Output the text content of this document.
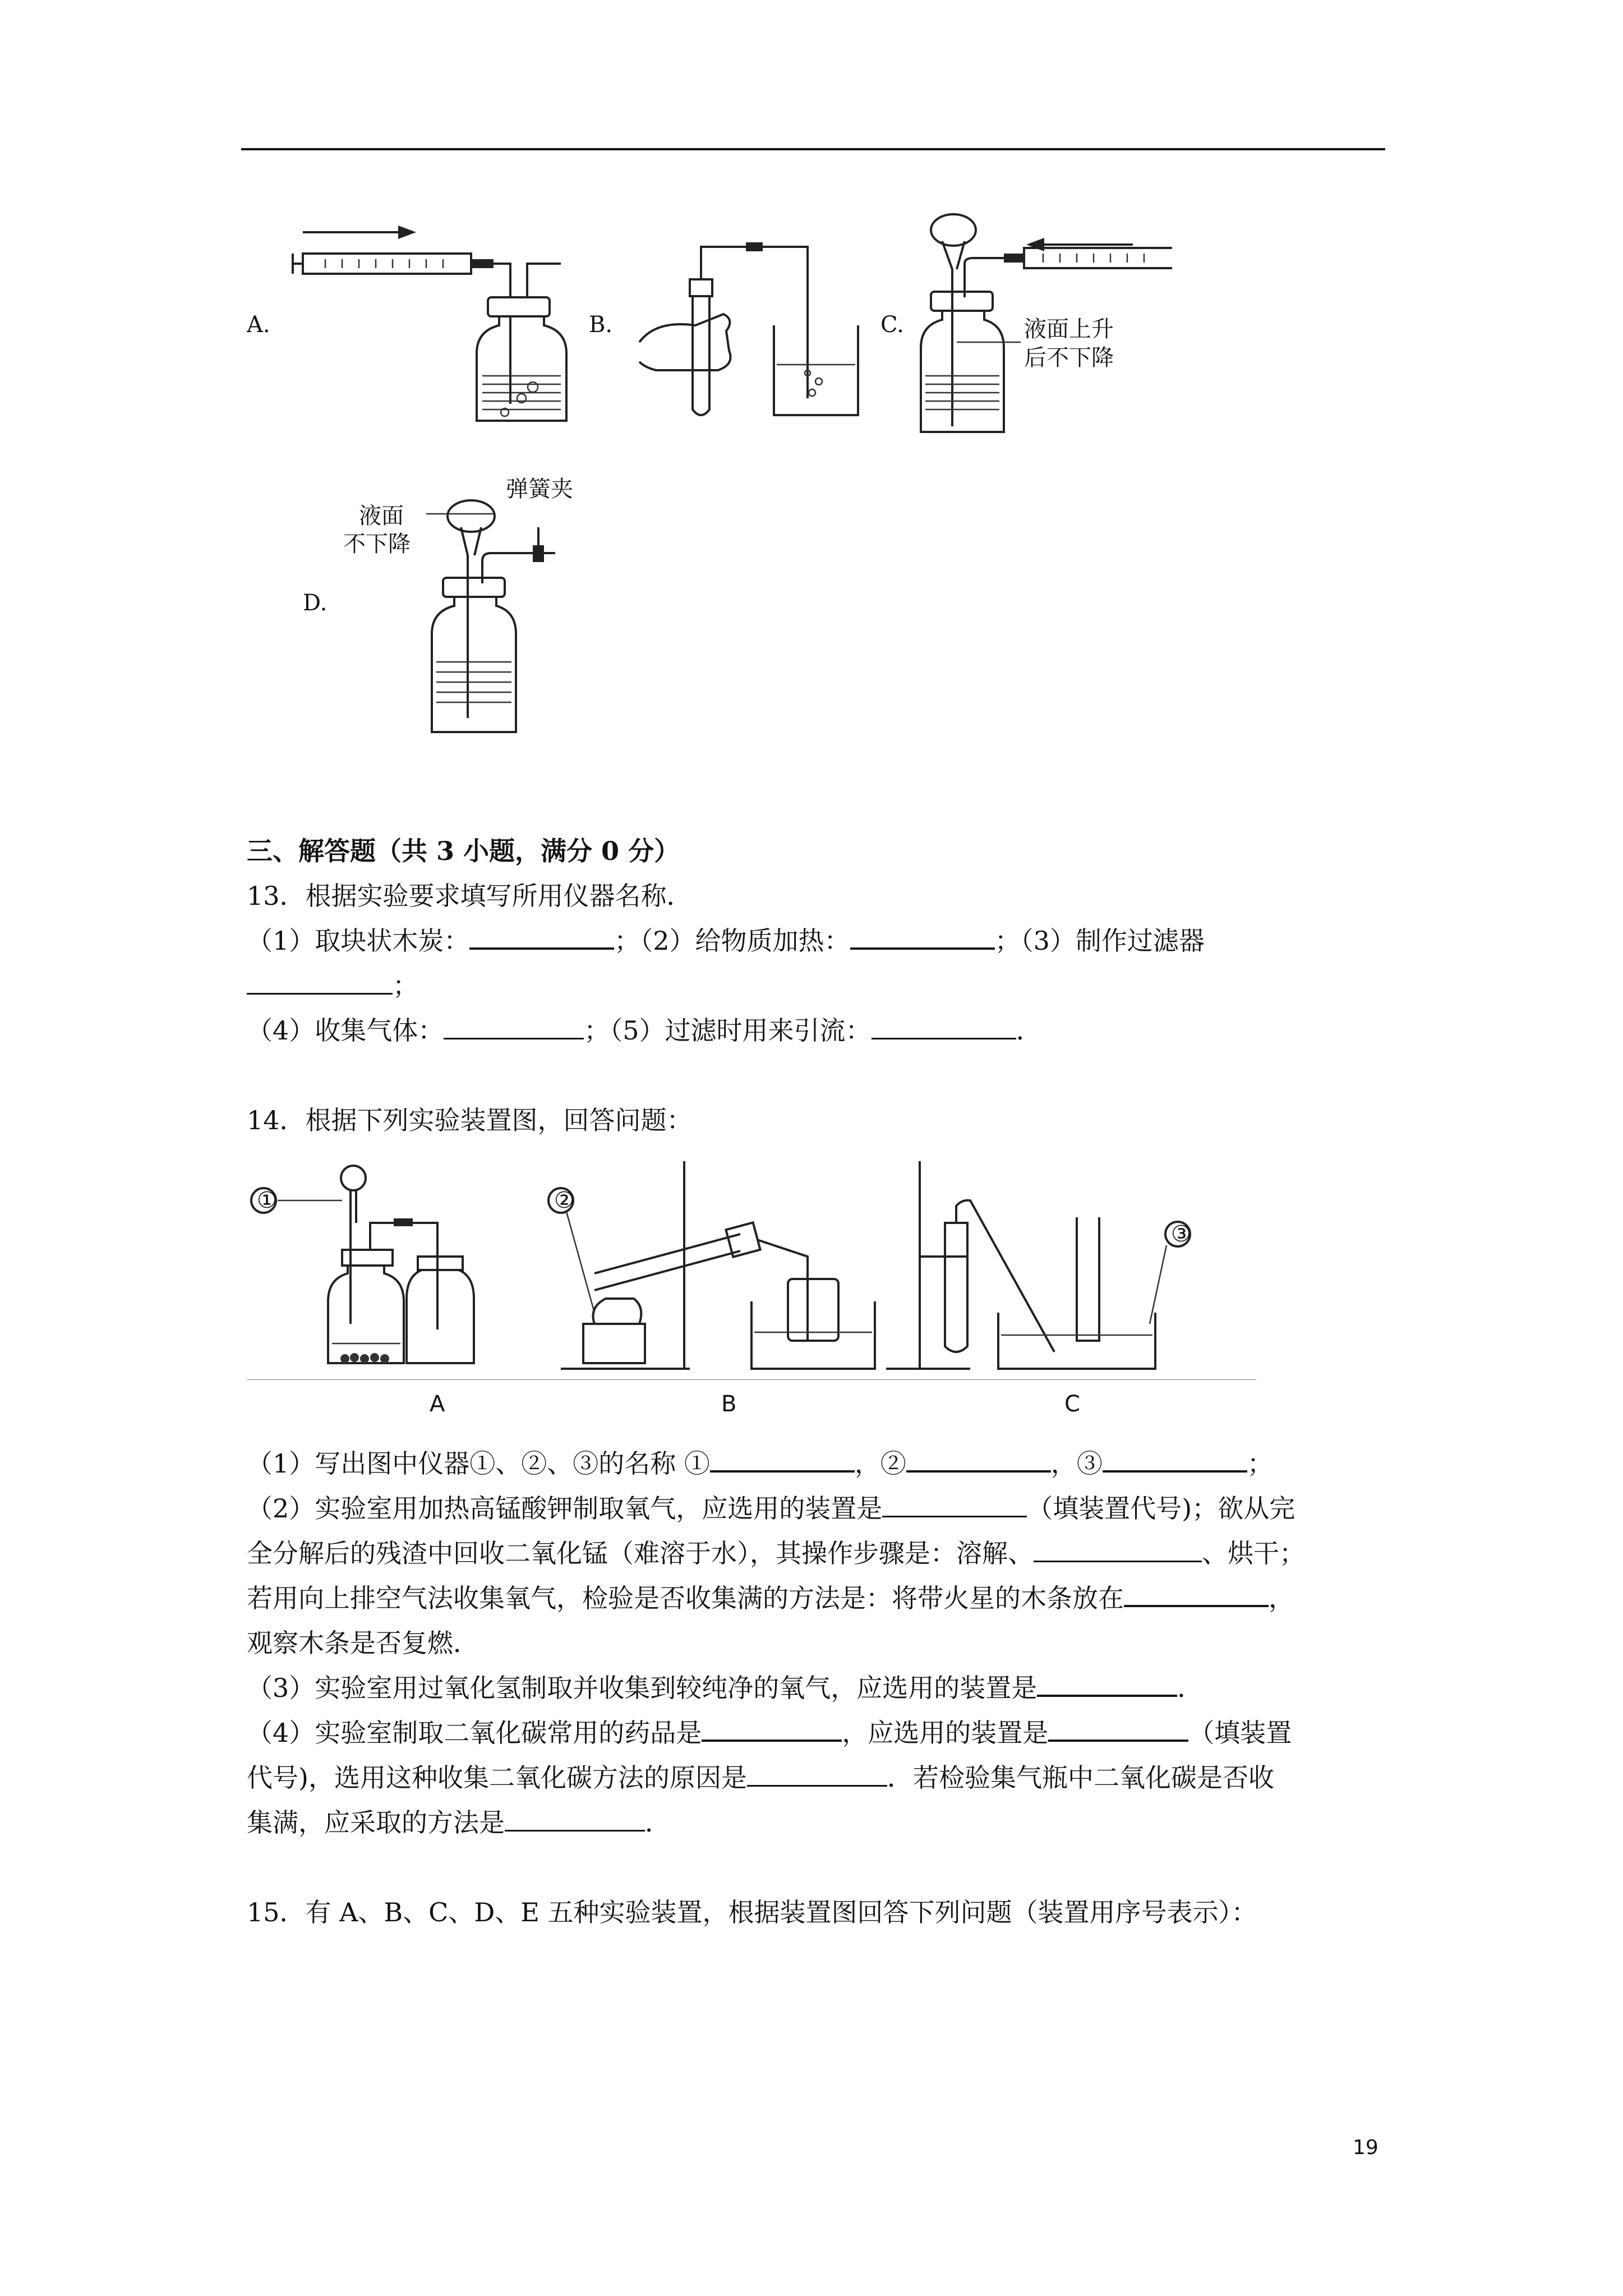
A.	B.	C.	液面上升
后不下降
D.
液面
不下降
弹簧夹
三、解答题（共 3 小题，满分 0 分）
13．根据实验要求填写所用仪器名称．
（1）取块状木炭：	；（2）给物质加热：	；（3）制作过滤器
；
（4）收集气体：	；（5）过滤时用来引流：	．
14．根据下列实验装置图，回答问题：
①	②
③
A	B	C
（1）写出图中仪器①、②、③的名称 ①	，②	，③	；
（2）实验室用加热高锰酸钾制取氧气，应选用的装置是	（填装置代号)；欲从完
全分解后的残渣中回收二氧化锰（难溶于水），其操作步骤是：溶解、	、烘干；
若用向上排空气法收集氧气，检验是否收集满的方法是：将带火星的木条放在	，
观察木条是否复燃．
（3）实验室用过氧化氢制取并收集到较纯净的氧气，应选用的装置是	．
（4）实验室制取二氧化碳常用的药品是	，应选用的装置是	（填装置
代号)，选用这种收集二氧化碳方法的原因是	．若检验集气瓶中二氧化碳是否收
集满，应采取的方法是	．
15．有 A、B、C、D、E 五种实验装置，根据装置图回答下列问题（装置用序号表示）：
19
